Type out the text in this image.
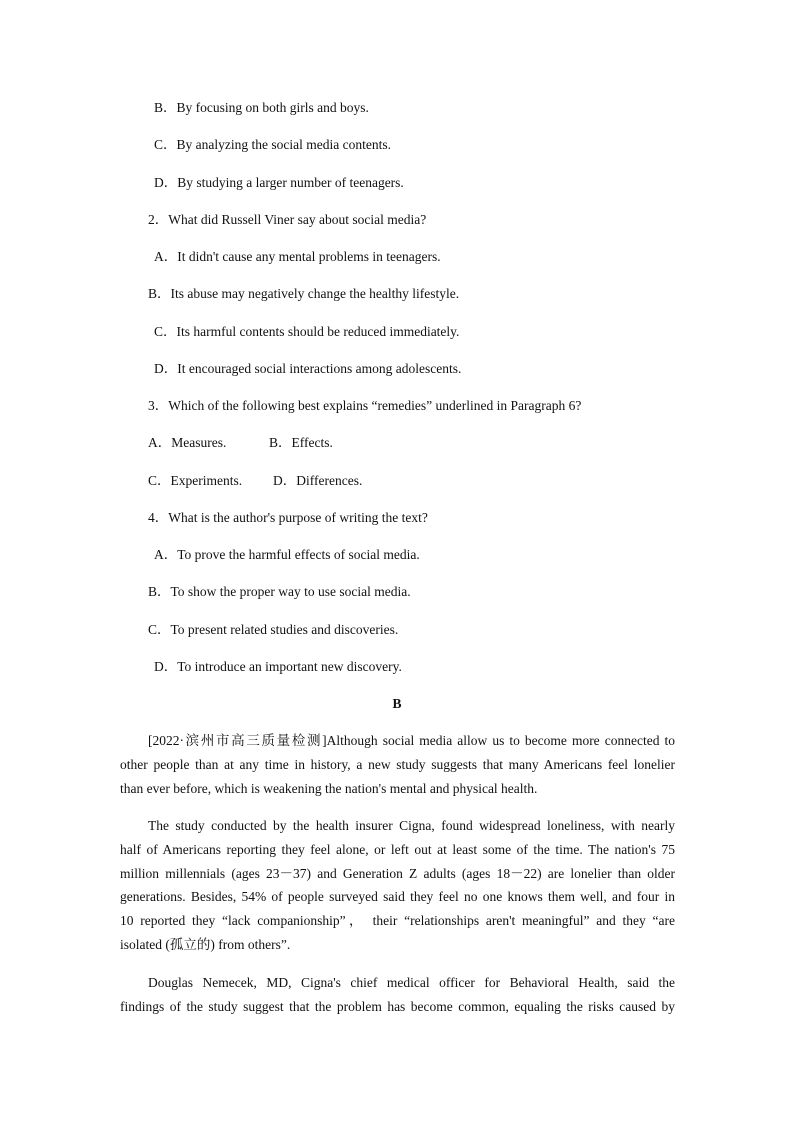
B．By focusing on both girls and boys.
C．By analyzing the social media contents.
D．By studying a larger number of teenagers.
2．What did Russell Viner say about social media?
A．It didn't cause any mental problems in teenagers.
B．Its abuse may negatively change the healthy lifestyle.
C．Its harmful contents should be reduced immediately.
D．It encouraged social interactions among adolescents.
3．Which of the following best explains “remedies” underlined in Paragraph 6?
A．Measures.	B．Effects.
C．Experiments. D．Differences.
4．What is the author's purpose of writing the text?
A．To prove the harmful effects of social media.
B．To show the proper way to use social media.
C．To present related studies and discoveries.
D．To introduce an important new discovery.
B
[2022·滨州市高三质量检测]Although social media allow us to become more connected to
other people than at any time in history, a new study suggests that many Americans feel lonelier
than ever before, which is weakening the nation's mental and physical health.
The study conducted by the health insurer Cigna, found widespread loneliness, with nearly
half of Americans reporting they feel alone, or left out at least some of the time. The nation's 75
million millennials (ages 23－37) and Generation Z adults (ages 18－22) are lonelier than older
generations. Besides, 54% of people surveyed said they feel no one knows them well, and four in
10 reported they “lack companionship”， their “relationships aren't meaningful” and they “are
isolated (孤立的) from others”.
Douglas Nemecek, MD, Cigna's chief medical officer for Behavioral Health, said the
findings of the study suggest that the problem has become common, equaling the risks caused by
